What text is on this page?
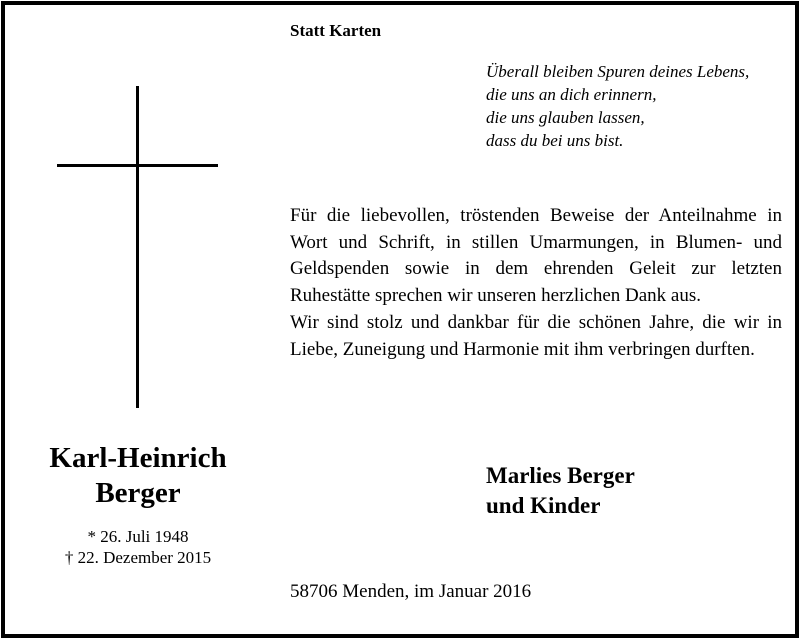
Statt Karten
Überall bleiben Spuren deines Lebens,
die uns an dich erinnern,
die uns glauben lassen,
dass du bei uns bist.
Karl-Heinrich
Berger
* 26. Juli 1948
† 22. Dezember 2015

Für die liebevollen, tröstenden Beweise der Anteilnahme in Wort und Schrift, in stillen Umarmungen, in Blumen- und Geldspenden sowie in dem ehrenden Geleit zur letzten Ruhestätte sprechen wir unseren herzlichen Dank aus.

Wir sind stolz und dankbar für die schönen Jahre, die wir in Liebe, Zuneigung und Harmonie mit ihm verbringen durften.

Marlies Berger
und Kinder
58706 Menden, im Januar 2016
